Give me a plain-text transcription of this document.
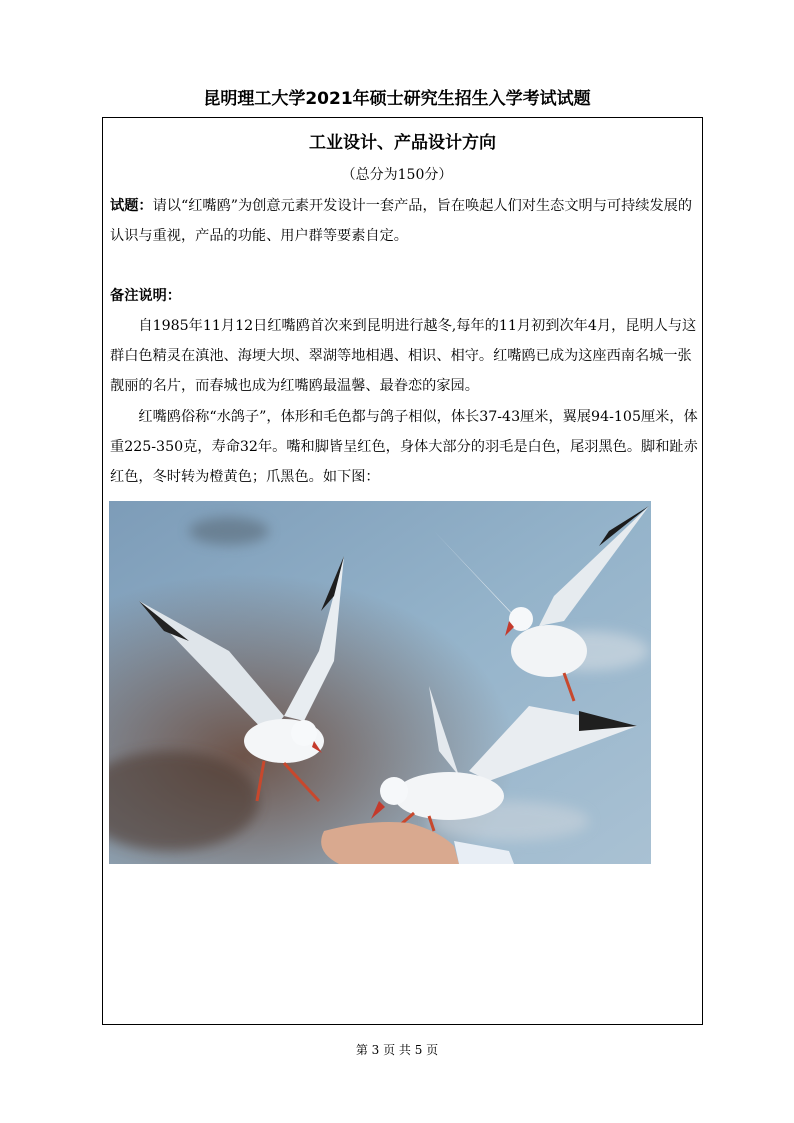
昆明理工大学2021年硕士研究生招生入学考试试题
工业设计、产品设计方向
（总分为150分）
试题：请以“红嘴鸥”为创意元素开发设计一套产品，旨在唤起人们对生态文明与可持续发展的认识与重视，产品的功能、用户群等要素自定。
备注说明：
自1985年11月12日红嘴鸥首次来到昆明进行越冬,每年的11月初到次年4月，昆明人与这群白色精灵在滇池、海埂大坝、翠湖等地相遇、相识、相守。红嘴鸥已成为这座西南名城一张靓丽的名片，而春城也成为红嘴鸥最温馨、最眷恋的家园。
红嘴鸥俗称“水鸽子”，体形和毛色都与鸽子相似，体长37-43厘米，翼展94-105厘米，体重225-350克，寿命32年。嘴和脚皆呈红色，身体大部分的羽毛是白色，尾羽黑色。脚和趾赤红色，冬时转为橙黄色；爪黑色。如下图：
第 3 页 共 5 页
